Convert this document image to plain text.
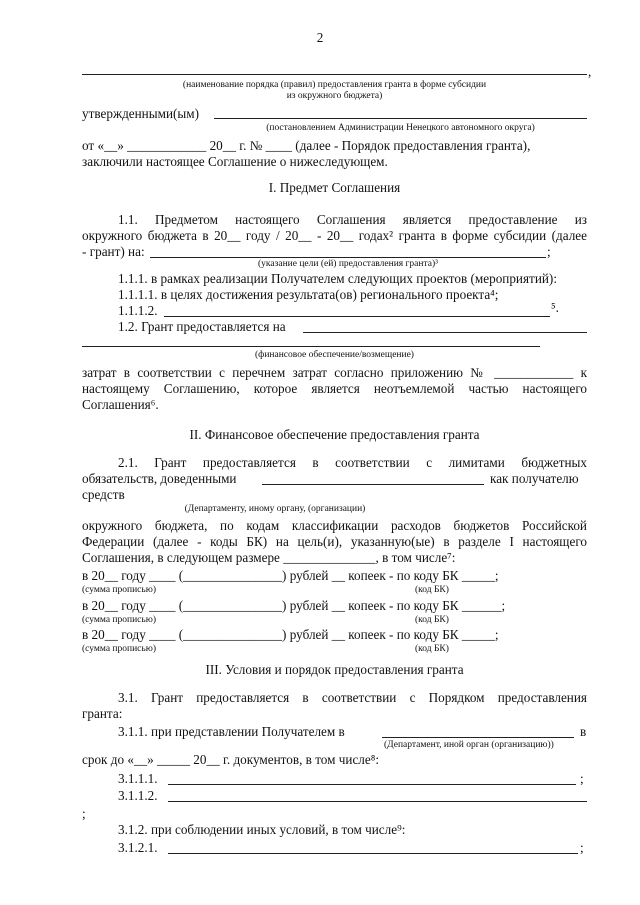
2
,
(наименование порядка (правил) предоставления гранта в форме субсидии
из окружного бюджета)
утвержденными(ым)
(постановлением Администрации Ненецкого автономного округа)
от «__» ____________ 20__ г. № ____ (далее - Порядок предоставления гранта),
заключили настоящее Соглашение о нижеследующем.
I. Предмет Соглашения
1.1. Предметом настоящего Соглашения является предоставление из
окружного бюджета в 20__ году / 20__ - 20__ годах² гранта в форме субсидии (далее
- грант) на:	;
(указание цели (ей) предоставления гранта)³
1.1.1. в рамках реализации Получателем следующих проектов (мероприятий):
1.1.1.1. в целях достижения результата(ов) регионального проекта⁴;
1.1.1.2.	⁵.
1.2. Грант предоставляется на
(финансовое обеспечение/возмещение)
затрат в соответствии с перечнем затрат согласно приложению № ____________ к
настоящему Соглашению, которое является неотъемлемой частью настоящего
Соглашения⁶.
II. Финансовое обеспечение предоставления гранта
2.1. Грант предоставляется в соответствии с лимитами бюджетных
обязательств, доведенными	как получателю
средств
(Департаменту, иному органу, (организации)
окружного бюджета, по кодам классификации расходов бюджетов Российской
Федерации (далее - коды БК) на цель(и), указанную(ые) в разделе I настоящего
Соглашения, в следующем размере ______________, в том числе⁷:
в 20__ году ____ (_______________) рублей __ копеек - по коду БК _____;
(сумма прописью)	(код БК)
в 20__ году ____ (_______________) рублей __ копеек - по коду БК ______;
(сумма прописью)	(код БК)
в 20__ году ____ (_______________) рублей __ копеек - по коду БК _____;
(сумма прописью)	(код БК)
III. Условия и порядок предоставления гранта
3.1. Грант предоставляется в соответствии с Порядком предоставления
гранта:
3.1.1. при представлении Получателем в	в
(Департамент, иной орган (организацию))
срок до «__» _____ 20__ г. документов, в том числе⁸:
3.1.1.1.	;
3.1.1.2.
;
3.1.2. при соблюдении иных условий, в том числе⁹:
3.1.2.1.	;
